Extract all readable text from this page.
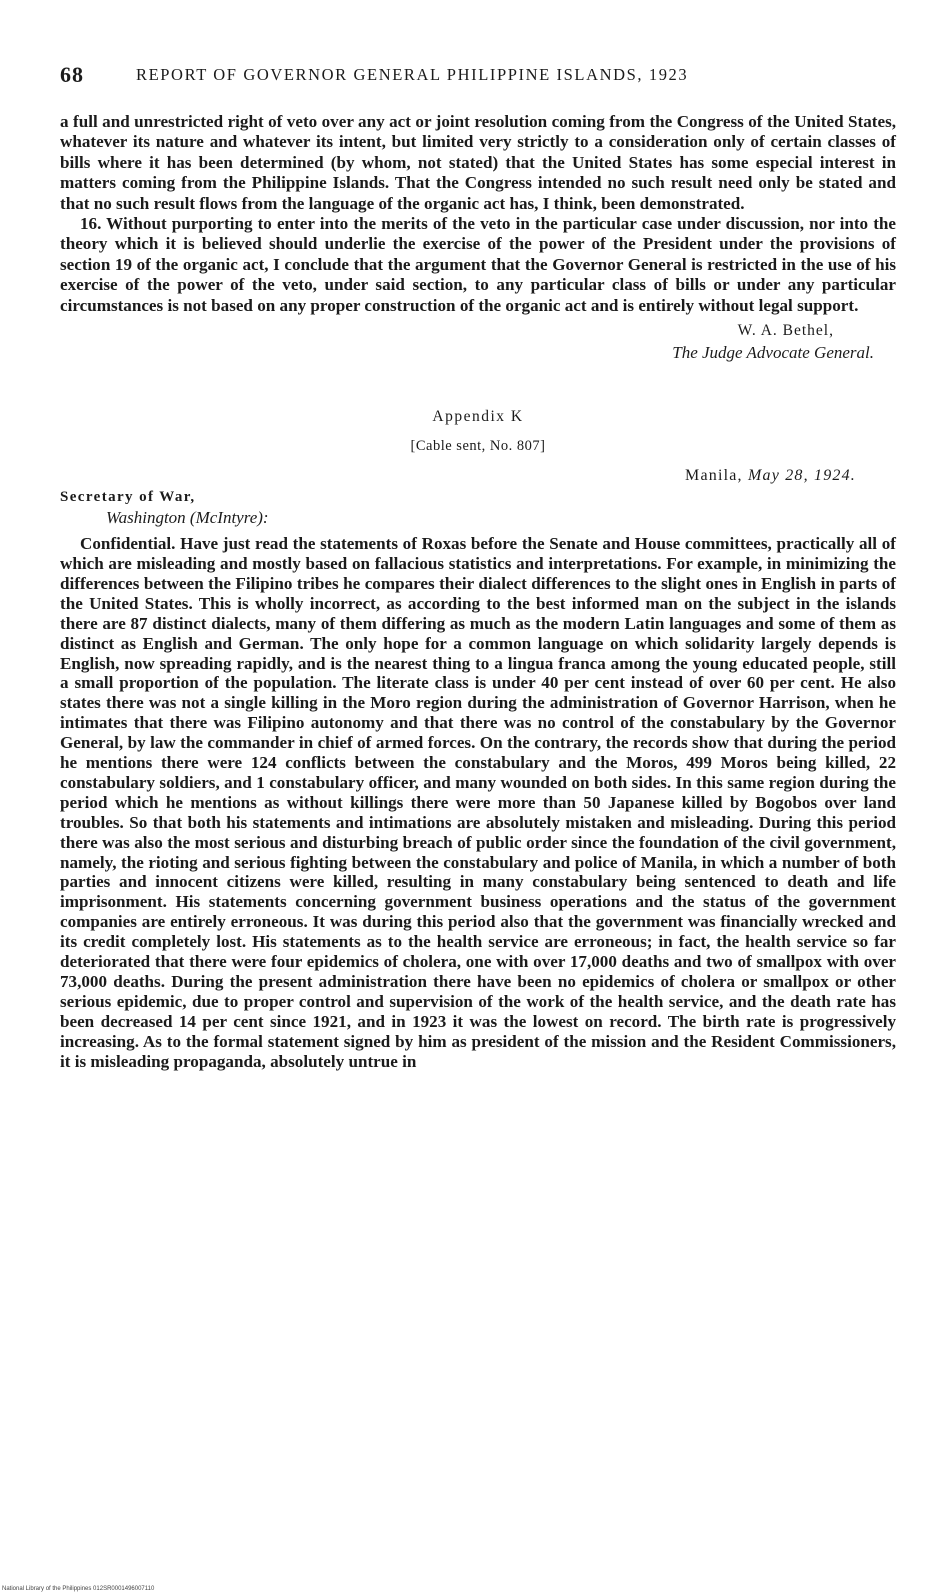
68	REPORT OF GOVERNOR GENERAL PHILIPPINE ISLANDS, 1923

a full and unrestricted right of veto over any act or joint resolution coming from the Congress of the United States, whatever its nature and whatever its intent, but limited very strictly to a consideration only of certain classes of bills where it has been determined (by whom, not stated) that the United States has some especial interest in matters coming from the Philippine Islands. That the Congress intended no such result need only be stated and that no such result flows from the language of the organic act has, I think, been demonstrated.

16. Without purporting to enter into the merits of the veto in the particular case under discussion, nor into the theory which it is believed should underlie the exercise of the power of the President under the provisions of section 19 of the organic act, I conclude that the argument that the Governor General is restricted in the use of his exercise of the power of the veto, under said section, to any particular class of bills or under any particular circumstances is not based on any proper construction of the organic act and is entirely without legal support.

W. A. Bethel,
The Judge Advocate General.
Appendix K
[Cable sent, No. 807]
Manila, May 28, 1924.
Secretary of War,
Washington (McIntyre):

Confidential. Have just read the statements of Roxas before the Senate and House committees, practically all of which are misleading and mostly based on fallacious statistics and interpretations. For example, in minimizing the differences between the Filipino tribes he compares their dialect differences to the slight ones in English in parts of the United States. This is wholly incorrect, as according to the best informed man on the subject in the islands there are 87 distinct dialects, many of them differing as much as the modern Latin languages and some of them as distinct as English and German. The only hope for a common language on which solidarity largely depends is English, now spreading rapidly, and is the nearest thing to a lingua franca among the young educated people, still a small proportion of the population. The literate class is under 40 per cent instead of over 60 per cent. He also states there was not a single killing in the Moro region during the administration of Governor Harrison, when he intimates that there was Filipino autonomy and that there was no control of the constabulary by the Governor General, by law the commander in chief of armed forces. On the contrary, the records show that during the period he mentions there were 124 conflicts between the constabulary and the Moros, 499 Moros being killed, 22 constabulary soldiers, and 1 constabulary officer, and many wounded on both sides. In this same region during the period which he mentions as without killings there were more than 50 Japanese killed by Bogobos over land troubles. So that both his statements and intimations are absolutely mistaken and misleading. During this period there was also the most serious and disturbing breach of public order since the foundation of the civil government, namely, the rioting and serious fighting between the constabulary and police of Manila, in which a number of both parties and innocent citizens were killed, resulting in many constabulary being sentenced to death and life imprisonment. His statements concerning government business operations and the status of the government companies are entirely erroneous. It was during this period also that the government was financially wrecked and its credit completely lost. His statements as to the health service are erroneous; in fact, the health service so far deteriorated that there were four epidemics of cholera, one with over 17,000 deaths and two of smallpox with over 73,000 deaths. During the present administration there have been no epidemics of cholera or smallpox or other serious epidemic, due to proper control and supervision of the work of the health service, and the death rate has been decreased 14 per cent since 1921, and in 1923 it was the lowest on record. The birth rate is progressively increasing. As to the formal statement signed by him as president of the mission and the Resident Commissioners, it is misleading propaganda, absolutely untrue in

National Library of the Philippines 012SR0001496007110
